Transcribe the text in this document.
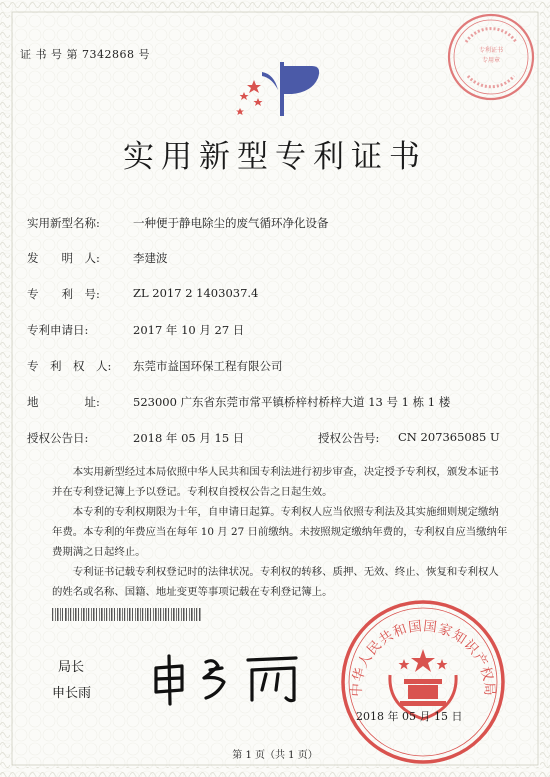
证 书 号 第 7342868 号	专利证书
专用章
实用新型专利证书
实用新型名称:	一种便于静电除尘的废气循环净化设备
发　　明　人:	李建波
专　　利　号:	ZL 2017 2 1403037.4
专利申请日:	2017 年 10 月 27 日
专　利　权　人: 东莞市益国环保工程有限公司
地　　　　址:	523000 广东省东莞市常平镇桥梓村桥梓大道 13 号 1 栋 1 楼
授权公告日:	2018 年 05 月 15 日	授权公告号: CN 207365085 U

本实用新型经过本局依照中华人民共和国专利法进行初步审查，决定授予专利权，颁发本证书并在专利登记簿上予以登记。专利权自授权公告之日起生效。

本专利的专利权期限为十年，自申请日起算。专利权人应当依照专利法及其实施细则规定缴纳年费。本专利的年费应当在每年 10 月 27 日前缴纳。未按照规定缴纳年费的，专利权自应当缴纳年费期满之日起终止。

专利证书记载专利权登记时的法律状况。专利权的转移、质押、无效、终止、恢复和专利权人的姓名或名称、国籍、地址变更等事项记载在专利登记簿上。

局长
申长雨	中华人民共和国国家知识产权局
2018 年 05 月 15 日
第 1 页（共 1 页）
